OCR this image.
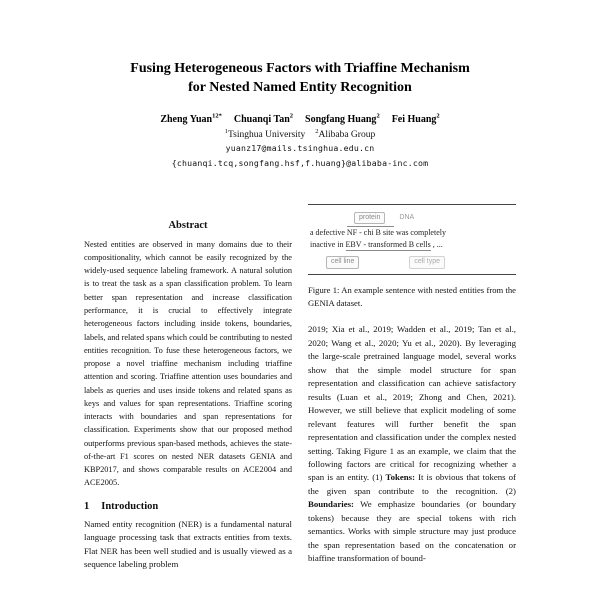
Fusing Heterogeneous Factors with Triaffine Mechanism
for Nested Named Entity Recognition
Zheng Yuan$^{12*}$ Chuanqi Tan$^2$ Songfang Huang$^2$ Fei Huang$^2$
$^1$Tsinghua University $^2$Alibaba Group
yuanz17@mails.tsinghua.edu.cn
{chuanqi.tcq,songfang.hsf,f.huang}@alibaba-inc.com
Abstract

Nested entities are observed in many domains due to their compositionality, which cannot be easily recognized by the widely-used sequence labeling framework. A natural solution is to treat the task as a span classification problem. To learn better span representation and increase classification performance, it is crucial to effectively integrate heterogeneous factors including inside tokens, boundaries, labels, and related spans which could be contributing to nested entities recognition. To fuse these heterogeneous factors, we propose a novel triaffine mechanism including triaffine attention and scoring. Triaffine attention uses boundaries and labels as queries and uses inside tokens and related spans as keys and values for span representations. Triaffine scoring interacts with boundaries and span representations for classification. Experiments show that our proposed method outperforms previous span-based methods, achieves the state-of-the-art F1 scores on nested NER datasets GENIA and KBP2017, and shows comparable results on ACE2004 and ACE2005.

1 Introduction

Named entity recognition (NER) is a fundamental natural language processing task that extracts entities from texts. Flat NER has been well studied and is usually viewed as a sequence labeling problem

protein	DNA
a defective NF - chi B site was completely
inactive in EBV - transformed B cells , ...
cell line	cell type

Figure 1: An example sentence with nested entities from the GENIA dataset.

2019; Xia et al., 2019; Wadden et al., 2019; Tan et al., 2020; Wang et al., 2020; Yu et al., 2020). By leveraging the large-scale pretrained language model, several works show that the simple model structure for span representation and classification can achieve satisfactory results (Luan et al., 2019; Zhong and Chen, 2021). However, we still believe that explicit modeling of some relevant features will further benefit the span representation and classification under the complex nested setting. Taking Figure 1 as an example, we claim that the following factors are critical for recognizing whether a span is an entity. (1) Tokens: It is obvious that tokens of the given span contribute to the recognition. (2) Boundaries: We emphasize boundaries (or boundary tokens) because they are special tokens with rich semantics. Works with simple structure may just produce the span representation based on the concatenation or biaffine transformation of bound-
